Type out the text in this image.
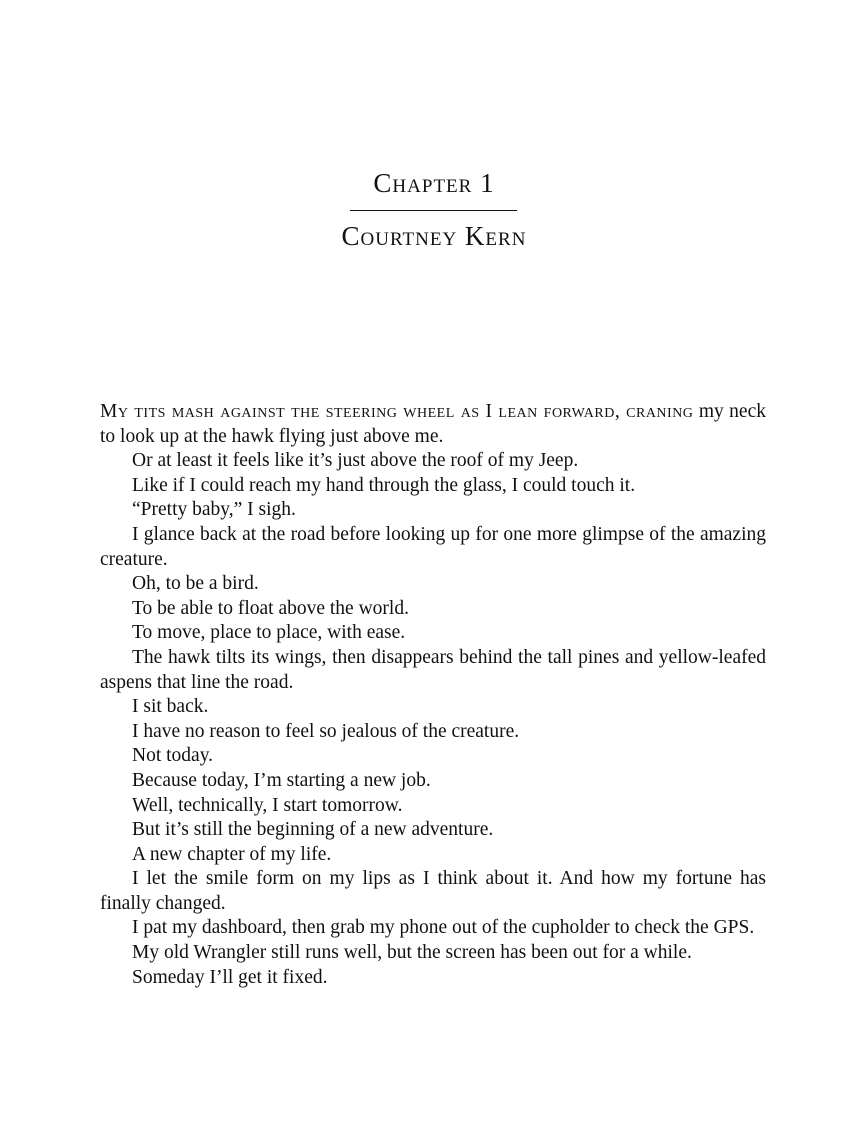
Chapter 1
Courtney Kern

My tits mash against the steering wheel as I lean forward, craning my neck to look up at the hawk flying just above me.

Or at least it feels like it’s just above the roof of my Jeep.

Like if I could reach my hand through the glass, I could touch it.

“Pretty baby,” I sigh.

I glance back at the road before looking up for one more glimpse of the amazing creature.

Oh, to be a bird.

To be able to float above the world.

To move, place to place, with ease.

The hawk tilts its wings, then disappears behind the tall pines and yellow-leafed aspens that line the road.

I sit back.

I have no reason to feel so jealous of the creature.

Not today.

Because today, I’m starting a new job.

Well, technically, I start tomorrow.

But it’s still the beginning of a new adventure.

A new chapter of my life.

I let the smile form on my lips as I think about it. And how my fortune has finally changed.

I pat my dashboard, then grab my phone out of the cupholder to check the GPS.

My old Wrangler still runs well, but the screen has been out for a while.

Someday I’ll get it fixed.
